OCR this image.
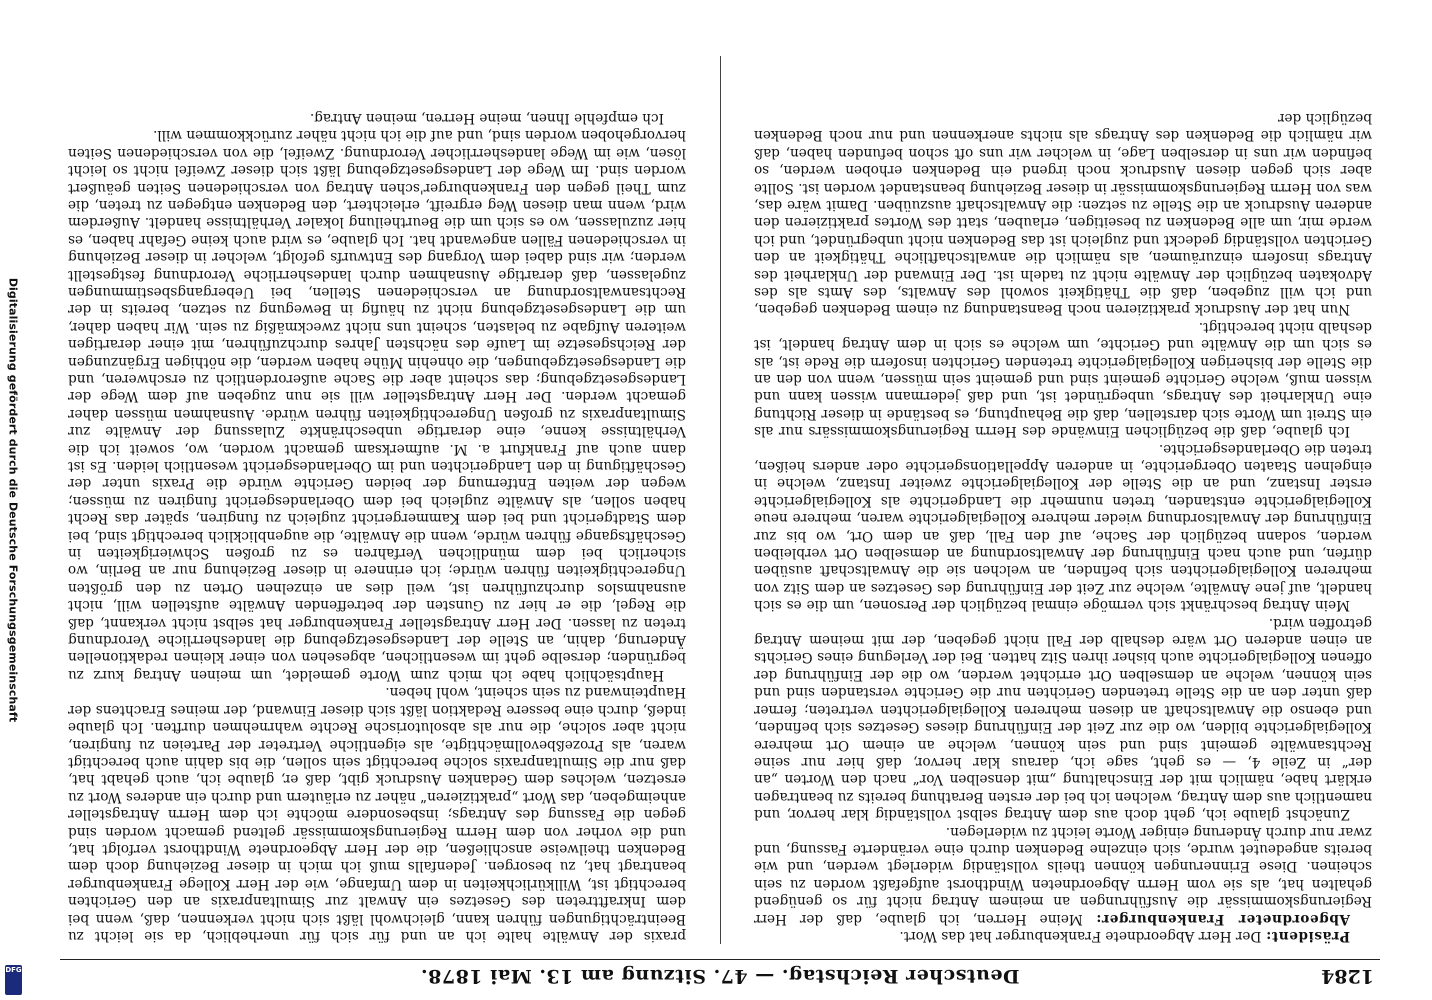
Digitalisierung gefördert durch die Deutsche Forschungsgemeinschaft
DFG	1284
Deutscher Reichstag. — 47. Sitzung am 13. Mai 1878.

Präsident: Der Herr Abgeordnete Frankenburger hat das Wort.

Abgeordneter Frankenburger: Meine Herren, ich glaube, daß der Herr Regierungskommissär die Ausführungen an meinem Antrag nicht für so genügend gehalten hat, als sie vom Herrn Abgeordneten Windthorst aufgefaßt worden zu sein scheinen. Diese Erinnerungen können theils vollständig widerlegt werden, und wie bereits angedeutet wurde, sich einzelne Bedenken durch eine veränderte Fassung, und zwar nur durch Änderung einiger Worte leicht zu widerlegen.

Zunächst glaube ich, geht doch aus dem Antrag selbst vollständig klar hervor, und namentlich aus dem Antrag, welchen ich bei der ersten Berathung bereits zu beantragen erklärt habe, nämlich mit der Einschaltung „mit denselben Vor“ nach den Worten „an der“ in Zeile 4, — es geht, sage ich, daraus klar hervor, daß hier nur seine Rechtsanwälte gemeint sind und sein können, welche an einem Ort mehrere Kollegialgerichte bilden, wo die zur Zeit der Einführung dieses Gesetzes sich befinden, und ebenso die Anwaltschaft an diesen mehreren Kollegialgerichten vertreten; ferner daß unter den an die Stelle tretenden Gerichten nur die Gerichte verstanden sind und sein können, welche an demselben Ort errichtet werden, wo die der Einführung der offenen Kollegialgerichte auch bisher ihren Sitz hatten. Bei der Verlegung eines Gerichts an einen anderen Ort wäre deshalb der Fall nicht gegeben, der mit meinem Antrag getroffen wird.

Mein Antrag beschränkt sich vermöge einmal bezüglich der Personen, um die es sich handelt, auf jene Anwälte, welche zur Zeit der Einführung des Gesetzes an dem Sitz von mehreren Kollegialgerichten sich befinden, an welchen sie die Anwaltschaft ausüben dürfen, und auch nach Einführung der Anwaltsordnung an demselben Ort verbleiben werden, sodann bezüglich der Sache, auf den Fall, daß an dem Ort, wo bis zur Einführung der Anwaltsordnung wieder mehrere Kollegialgerichte waren, mehrere neue Kollegialgerichte entstanden, treten nunmehr die Landgerichte als Kollegialgerichte erster Instanz, und an die Stelle der Kollegialgerichte zweiter Instanz, welche in eingelnen Staaten Obergerichte, in anderen Appellationsgerichte oder anders heißen, treten die Oberlandesgerichte.

Ich glaube, daß die bezüglichen Einwände des Herrn Regierungskommissärs nur als ein Streit um Worte sich darstellen, daß die Behauptung, es bestände in dieser Richtung eine Unklarheit des Antrags, unbegründet ist, und daß jedermann wissen kann und wissen muß, welche Gerichte gemeint sind und gemeint sein müssen, wenn von den an die Stelle der bisherigen Kollegialgerichte tretenden Gerichten insofern die Rede ist, als es sich um die Anwälte und Gerichte, um welche es sich in dem Antrag handelt, ist deshalb nicht berechtigt.

Nun hat der Ausdruck praktizieren noch Beanstandung zu einem Bedenken gegeben, und ich will zugeben, daß die Thätigkeit sowohl des Anwalts, des Amts als des Advokaten bezüglich der Anwälte nicht zu tadeln ist. Der Einwand der Unklarheit des Antrags insofern einzuräumen, als nämlich die anwaltschaftliche Thätigkeit an den Gerichten vollständig gedeckt und zugleich ist das Bedenken nicht unbegründet, und ich werde mir, um alle Bedenken zu beseitigen, erlauben, statt des Wortes praktizieren den anderen Ausdruck an die Stelle zu setzen: die Anwaltschaft auszuüben. Damit wäre das, was von Herrn Regierungskommissär in dieser Beziehung beanstandet worden ist. Sollte aber sich gegen diesen Ausdruck noch irgend ein Bedenken erhoben werden, so befinden wir uns in derselben Lage, in welcher wir uns oft schon befunden haben, daß wir nämlich die Bedenken des Antrags als nichts anerkennen und nur noch Bedenken bezüglich der

praxis der Anwälte halte ich an und für sich für unerheblich, da sie leicht zu Beeinträchtigungen führen kann, gleichwohl läßt sich nicht verkennen, daß, wenn bei dem Inkrafttreten des Gesetzes ein Anwalt zur Simultanpraxis an den Gerichten berechtigt ist, Willkürlichkeiten in dem Umfange, wie der Herr Kollege Frankenburger beantragt hat, zu besorgen. Jedenfalls muß ich mich in dieser Beziehung doch dem Bedenken theilweise anschließen, die der Herr Abgeordnete Windthorst verfolgt hat, und die vorher von dem Herrn Regierungskommissär geltend gemacht worden sind gegen die Fassung des Antrags; insbesondere möchte ich dem Herrn Antragsteller anheimgeben, das Wort „praktizieren“ näher zu erläutern und durch ein anderes Wort zu ersetzen, welches dem Gedanken Ausdruck gibt, daß er, glaube ich, auch gehabt hat, daß nur die Simultanpraxis solche berechtigt sein sollen, die bis dahin auch berechtigt waren, als Prozeßbevollmächtigte, als eigentliche Vertreter der Parteien zu fungiren, nicht aber solche, die nur als absolutorische Rechte wahrnehmen durften. Ich glaube indeß, durch eine bessere Redaktion läßt sich dieser Einwand, der meines Erachtens der Haupteinwand zu sein scheint, wohl heben.

Hauptsächlich habe ich mich zum Worte gemeldet, um meinen Antrag kurz zu begründen; derselbe geht im wesentlichen, abgesehen von einer kleinen redaktionellen Änderung, dahin, an Stelle der Landesgesetzgebung die landesherrliche Verordnung treten zu lassen. Der Herr Antragsteller Frankenburger hat selbst nicht verkannt, daß die Regel, die er hier zu Gunsten der betreffenden Anwälte aufstellen will, nicht ausnahmslos durchzuführen ist, weil dies an einzelnen Orten zu den größten Ungerechtigkeiten führen würde; ich erinnere in dieser Beziehung nur an Berlin, wo sicherlich bei dem mündlichen Verfahren es zu großen Schwierigkeiten in Geschäftsgange führen würde, wenn die Anwälte, die augenblicklich berechtigt sind, bei dem Stadtgericht und bei dem Kammergericht zugleich zu fungiren, später das Recht haben sollen, als Anwälte zugleich bei dem Oberlandesgericht fungiren zu müssen; wegen der weiten Entfernung der beiden Gerichte würde die Praxis unter der Geschäftigung in den Landgerichten und im Oberlandesgericht wesentlich leiden. Es ist dann auch auf Frankfurt a. M. aufmerksam gemacht worden, wo, soweit ich die Verhältnisse kenne, eine derartige unbeschränkte Zulassung der Anwälte zur Simultanpraxis zu großen Ungerechtigkeiten führen würde. Ausnahmen müssen daher gemacht werden. Der Herr Antragsteller will sie nun zugeben auf dem Wege der Landesgesetzgebung; das scheint aber die Sache außerordentlich zu erschweren, und die Landesgesetzgebungen, die ohnehin Mühe haben werden, die nöthigen Ergänzungen der Reichsgesetze im Laufe des nächsten Jahres durchzuführen, mit einer derartigen weiteren Aufgabe zu belasten, scheint uns nicht zweckmäßig zu sein. Wir haben daher, um die Landesgesetzgebung nicht zu häufig in Bewegung zu setzen, bereits in der Rechtsanwaltsordnung an verschiedenen Stellen, bei Uebergangsbestimmungen zugelassen, daß derartige Ausnahmen durch landesherrliche Verordnung festgestellt werden; wir sind dabei dem Vorgang des Entwurfs gefolgt, welcher in dieser Beziehung in verschiedenen Fällen angewandt hat. Ich glaube, es wird auch keine Gefahr haben, es hier zuzulassen, wo es sich um die Beurtheilung lokaler Verhältnisse handelt. Außerdem wird, wenn man diesen Weg ergreift, erleichtert, den Bedenken entgegen zu treten, die zum Theil gegen den Frankenburger'schen Antrag von verschiedenen Seiten geäußert worden sind. Im Wege der Landesgesetzgebung läßt sich dieser Zweifel nicht so leicht lösen, wie im Wege landesherrlicher Verordnung. Zweifel, die von verschiedenen Seiten hervorgehoben worden sind, und auf die ich nicht näher zurückkommen will.

Ich empfehle Ihnen, meine Herren, meinen Antrag.
